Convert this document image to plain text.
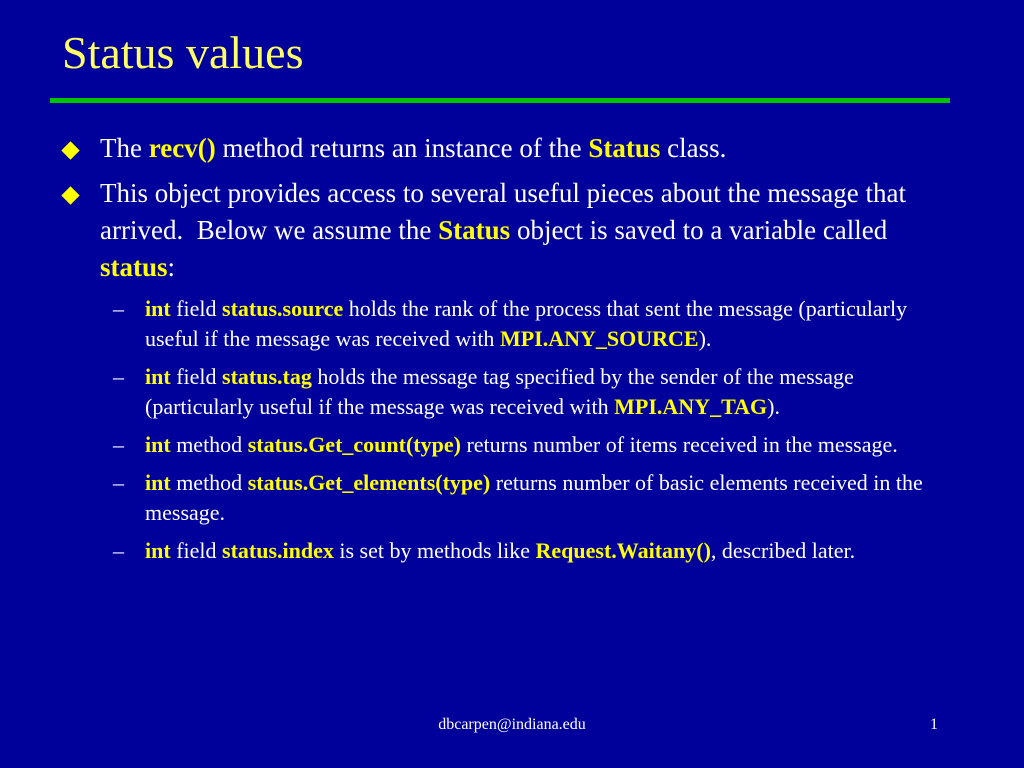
Status values
The recv() method returns an instance of the Status class.
This object provides access to several useful pieces about the message that arrived.  Below we assume the Status object is saved to a variable called status:
– int field status.source holds the rank of the process that sent the message (particularly useful if the message was received with MPI.ANY_SOURCE).
– int field status.tag holds the message tag specified by the sender of the message (particularly useful if the message was received with MPI.ANY_TAG).
– int method status.Get_count(type) returns number of items received in the message.
– int method status.Get_elements(type) returns number of basic elements received in the message.
– int field status.index is set by methods like Request.Waitany(), described later.
dbcarpen@indiana.edu	1
